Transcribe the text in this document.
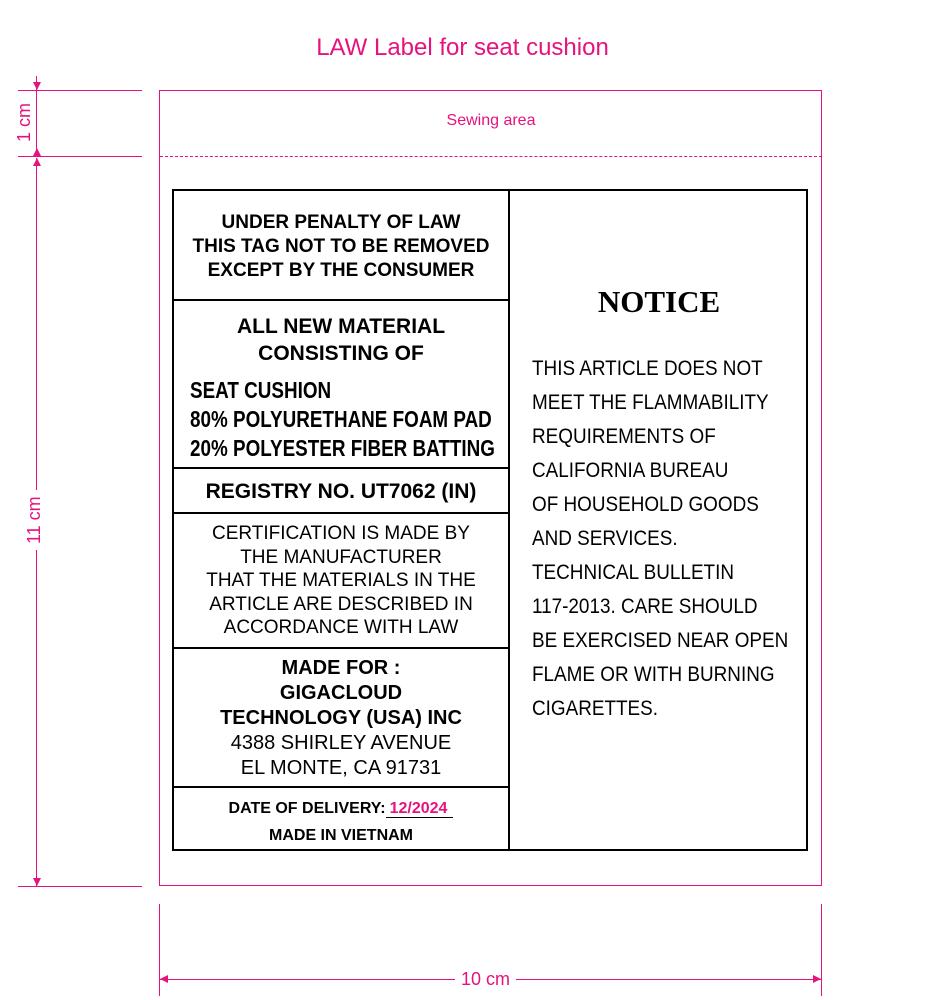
LAW Label for seat cushion
Sewing area
1 cm
11 cm
10 cm
UNDER PENALTY OF LAW
THIS TAG NOT TO BE REMOVED
EXCEPT BY THE CONSUMER
ALL NEW MATERIAL
CONSISTING OF
SEAT CUSHION
80% POLYURETHANE FOAM PAD
20% POLYESTER FIBER BATTING
REGISTRY NO. UT7062 (IN)
CERTIFICATION IS MADE BY
THE MANUFACTURER
THAT THE MATERIALS IN THE
ARTICLE ARE DESCRIBED IN
ACCORDANCE WITH LAW
MADE FOR :
GIGACLOUD
TECHNOLOGY (USA) INC
4388 SHIRLEY AVENUE
EL MONTE, CA 91731
DATE OF DELIVERY: 12/2024
MADE IN VIETNAM
NOTICE
THIS ARTICLE DOES NOT
MEET THE FLAMMABILITY
REQUIREMENTS OF
CALIFORNIA BUREAU
OF HOUSEHOLD GOODS
AND SERVICES.
TECHNICAL BULLETIN
117-2013. CARE SHOULD
BE EXERCISED NEAR OPEN
FLAME OR WITH BURNING
CIGARETTES.
